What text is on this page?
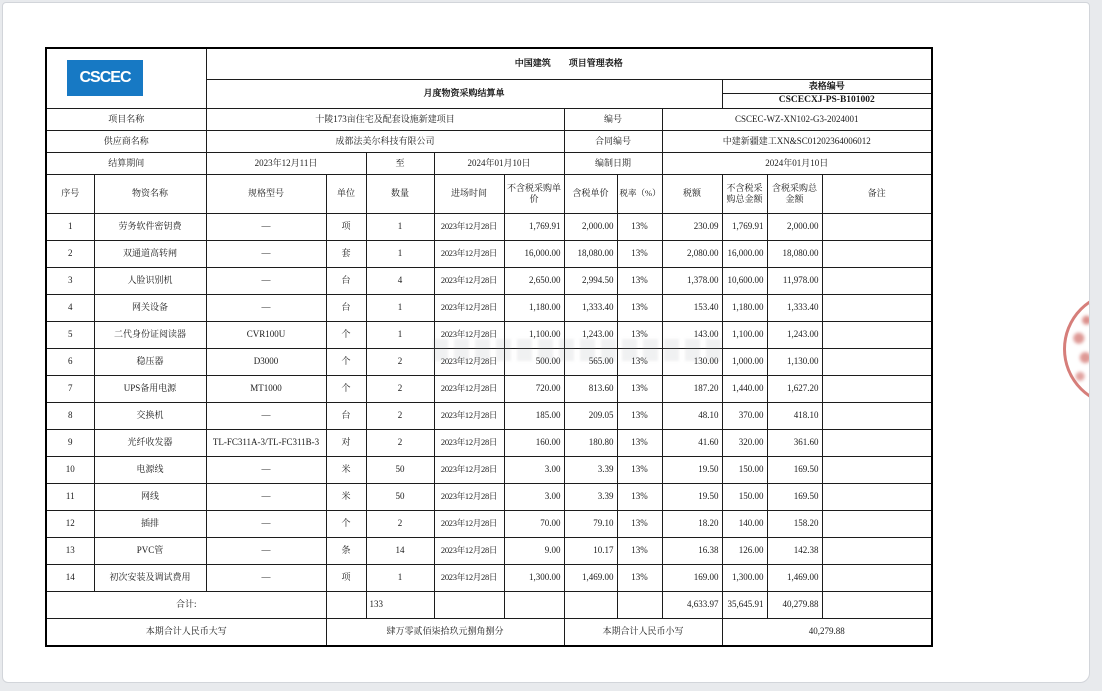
CSCEC		中国建筑　　项目管理表格										
		月度物资采购结算单								表格编号
CSCECXJ-PS-B101002		

项目名称		十陵173亩住宅及配套设施新建项目					编号		CSCEC-WZ-XN102-G3-2024001			
供应商名称		成都法美尔科技有限公司					合同编号		中建新疆建工XN&SC01202364006012			
结算期间		2023年12月11日		至	2024年01月10日		编制日期		2024年01月10日			
序号	物资名称	规格型号	单位	数量	进场时间	不含税采购单价	含税单价	税率（%）	税额	不含税采购总金额	含税采购总金额	备注
1	劳务软件密钥费	—	项	1	2023年12月28日	1,769.91	2,000.00	13%	230.09	1,769.91	2,000.00	
2	双通道高转闸	—	套	1	2023年12月28日	16,000.00	18,080.00	13%	2,080.00	16,000.00	18,080.00	
3	人脸识别机	—	台	4	2023年12月28日	2,650.00	2,994.50	13%	1,378.00	10,600.00	11,978.00	
4	网关设备	—	台	1	2023年12月28日	1,180.00	1,333.40	13%	153.40	1,180.00	1,333.40	
5	二代身份证阅读器	CVR100U	个	1	2023年12月28日	1,100.00	1,243.00	13%	143.00	1,100.00	1,243.00	
6	稳压器	D3000	个	2	2023年12月28日	500.00	565.00	13%	130.00	1,000.00	1,130.00	
7	UPS备用电源	MT1000	个	2	2023年12月28日	720.00	813.60	13%	187.20	1,440.00	1,627.20	
8	交换机	—	台	2	2023年12月28日	185.00	209.05	13%	48.10	370.00	418.10	
9	光纤收发器	TL-FC311A-3/TL-FC311B-3	对	2	2023年12月28日	160.00	180.80	13%	41.60	320.00	361.60	
10	电源线	—	米	50	2023年12月28日	3.00	3.39	13%	19.50	150.00	169.50	
11	网线	—	米	50	2023年12月28日	3.00	3.39	13%	19.50	150.00	169.50	
12	插排	—	个	2	2023年12月28日	70.00	79.10	13%	18.20	140.00	158.20	
13	PVC管	—	条	14	2023年12月28日	9.00	10.17	13%	16.38	126.00	142.38	
14	初次安装及调试费用	—	项	1	2023年12月28日	1,300.00	1,469.00	13%	169.00	1,300.00	1,469.00	
合计:				133					4,633.97	35,645.91	40,279.88	
本期合计人民币大写			肆万零贰佰柒拾玖元捌角捌分				本期合计人民币小写			40,279.88		
